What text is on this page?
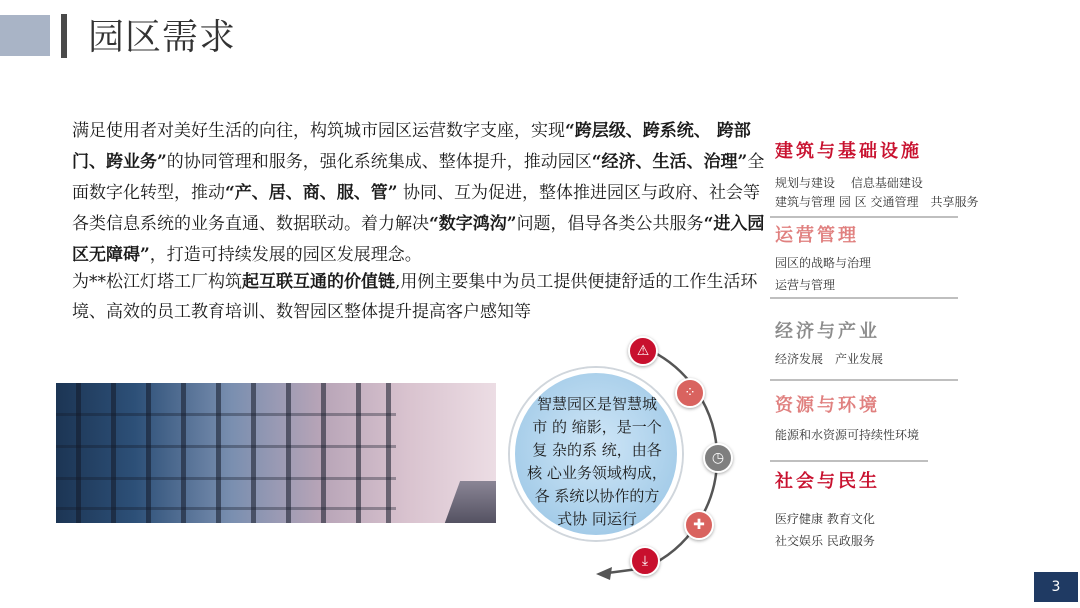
园区需求
满足使用者对美好生活的向往，构筑城市园区运营数字支座，实现“跨层级、跨系统、 跨部门、跨业务”的协同管理和服务，强化系统集成、整体提升，推动园区“经济、生活、治理”全面数字化转型，推动“产、居、商、服、管” 协同、互为促进，整体推进园区与政府、社会等各类信息系统的业务直通、数据联动。着力解决“数字鸿沟”问题，倡导各类公共服务“进入园区无障碍”，打造可持续发展的园区发展理念。
为**松江灯塔工厂构筑起互联互通的价值链,用例主要集中为员工提供便捷舒适的工作生活环境、高效的员工教育培训、数智园区整体提升提高客户感知等
智慧园区是智慧城
市 的 缩影，是一个
复 杂的系 统，由各
核 心业务领域构成，
各 系统以协作的方
式协 同运行
⚠
⁘
◷
✚
⤓
建筑与基础设施
规划与建设　 信息基础建设
建筑与管理 园 区 交通管理　共享服务
运营管理
园区的战略与治理
运营与管理
经济与产业
经济发展　产业发展
资源与环境
能源和水资源可持续性环境
社会与民生
医疗健康 教育文化
社交娱乐 民政服务
3
